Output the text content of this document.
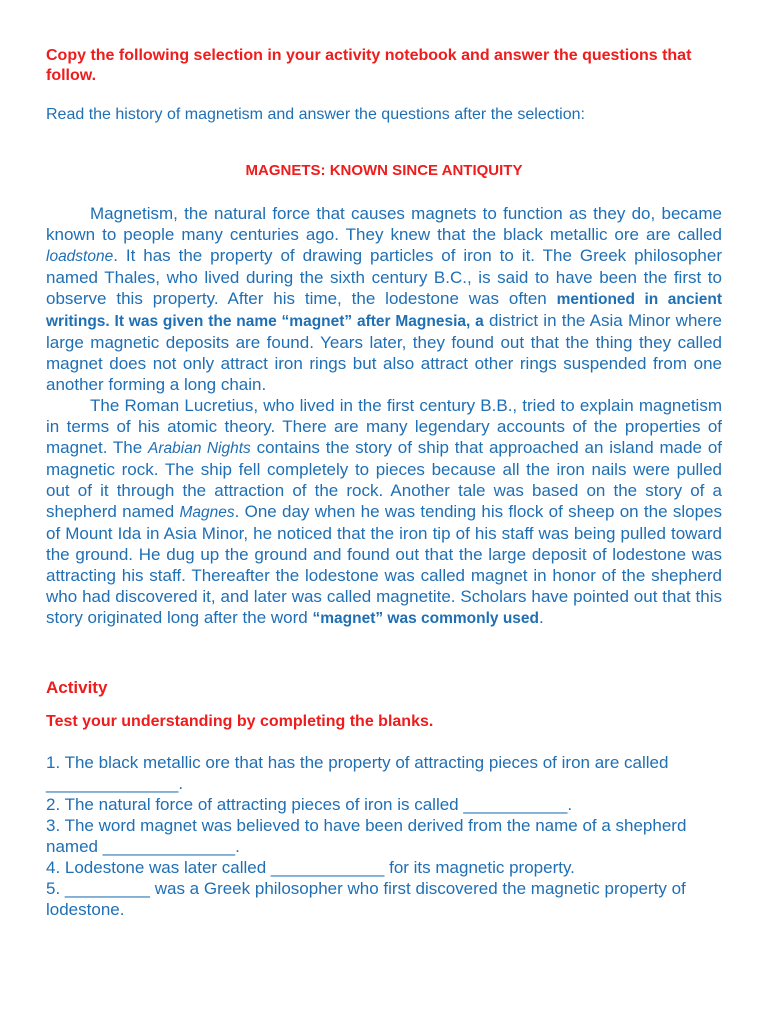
Copy the following selection in your activity notebook and answer the questions that follow.
Read the history of magnetism and answer the questions after the selection:
MAGNETS: KNOWN SINCE ANTIQUITY

Magnetism, the natural force that causes magnets to function as they do, became known to people many centuries ago. They knew that the black metallic ore are called loadstone. It has the property of drawing particles of iron to it. The Greek philosopher named Thales, who lived during the sixth century B.C., is said to have been the first to observe this property. After his time, the lodestone was often mentioned in ancient writings. It was given the name “magnet” after Magnesia, a district in the Asia Minor where large magnetic deposits are found. Years later, they found out that the thing they called magnet does not only attract iron rings but also attract other rings suspended from one another forming a long chain.

The Roman Lucretius, who lived in the first century B.B., tried to explain magnetism in terms of his atomic theory. There are many legendary accounts of the properties of magnet. The Arabian Nights contains the story of ship that approached an island made of magnetic rock. The ship fell completely to pieces because all the iron nails were pulled out of it through the attraction of the rock. Another tale was based on the story of a shepherd named Magnes. One day when he was tending his flock of sheep on the slopes of Mount Ida in Asia Minor, he noticed that the iron tip of his staff was being pulled toward the ground. He dug up the ground and found out that the large deposit of lodestone was attracting his staff. Thereafter the lodestone was called magnet in honor of the shepherd who had discovered it, and later was called magnetite. Scholars have pointed out that this story originated long after the word “magnet” was commonly used.

Activity
Test your understanding by completing the blanks.
1. The black metallic ore that has the property of attracting pieces of iron are called ______________.
2. The natural force of attracting pieces of iron is called ___________.
3. The word magnet was believed to have been derived from the name of a shepherd named ______________.
4. Lodestone was later called ____________ for its magnetic property.
5. _________ was a Greek philosopher who first discovered the magnetic property of lodestone.
